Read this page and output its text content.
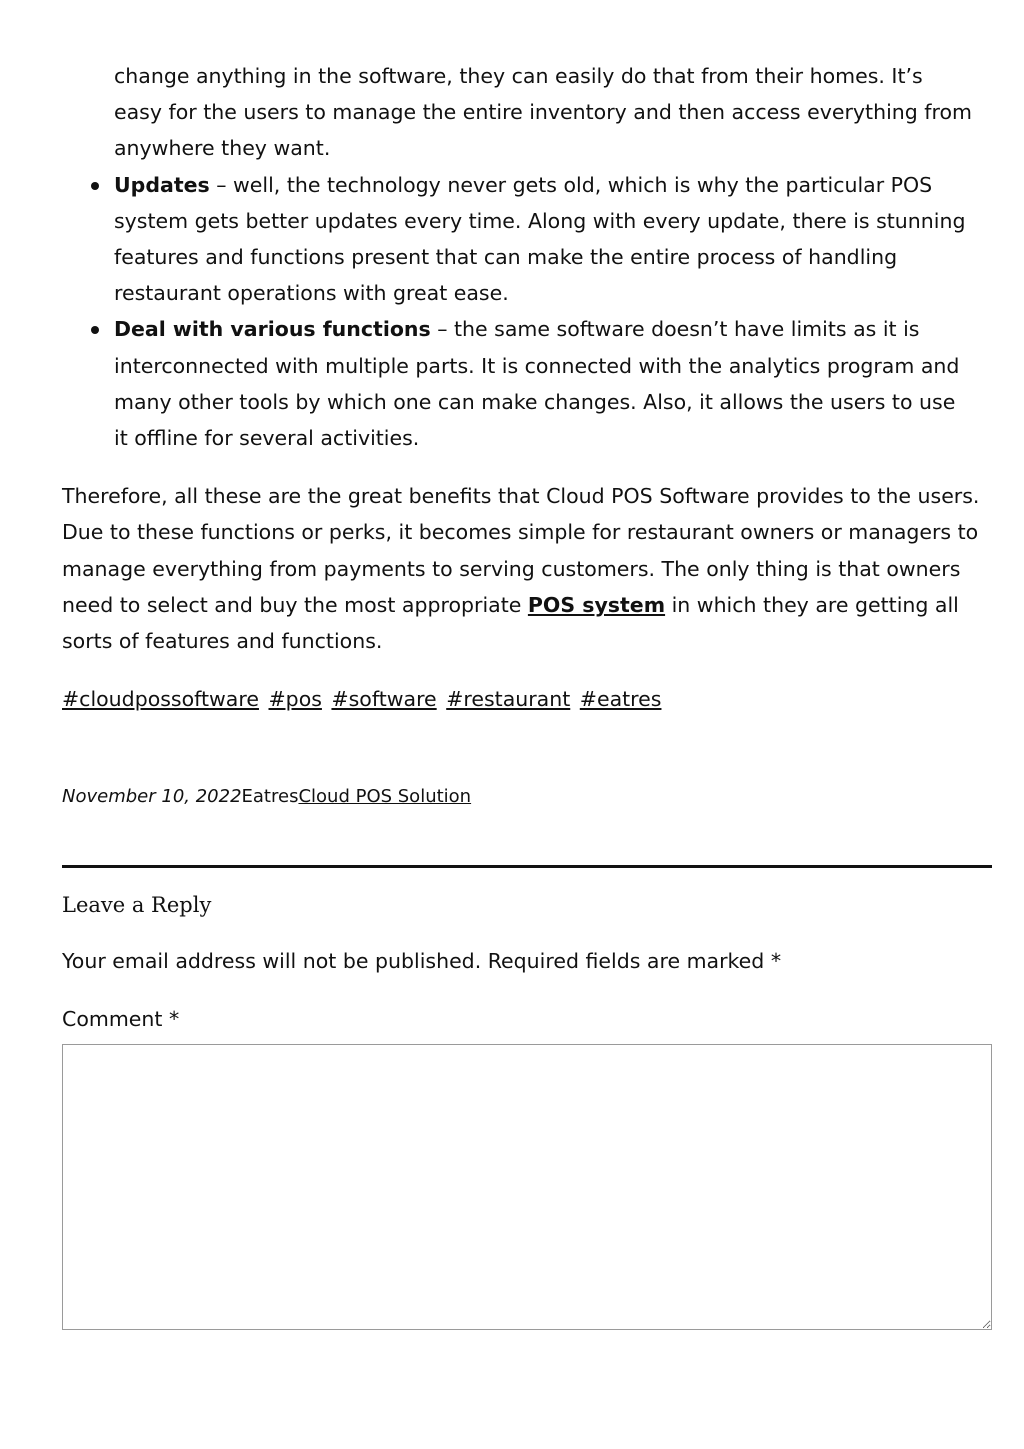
change anything in the software, they can easily do that from their homes. It’s easy for the users to manage the entire inventory and then access everything from anywhere they want.
Updates – well, the technology never gets old, which is why the particular POS system gets better updates every time. Along with every update, there is stunning features and functions present that can make the entire process of handling restaurant operations with great ease.
Deal with various functions – the same software doesn’t have limits as it is interconnected with multiple parts. It is connected with the analytics program and many other tools by which one can make changes. Also, it allows the users to use it offline for several activities.

Therefore, all these are the great benefits that Cloud POS Software provides to the users. Due to these functions or perks, it becomes simple for restaurant owners or managers to manage everything from payments to serving customers. The only thing is that owners need to select and buy the most appropriate POS system in which they are getting all sorts of features and functions.

#cloudpossoftware #pos #software #restaurant #eatres
November 10, 2022EatresCloud POS Solution
Leave a Reply

Your email address will not be published. Required fields are marked *

Comment *
